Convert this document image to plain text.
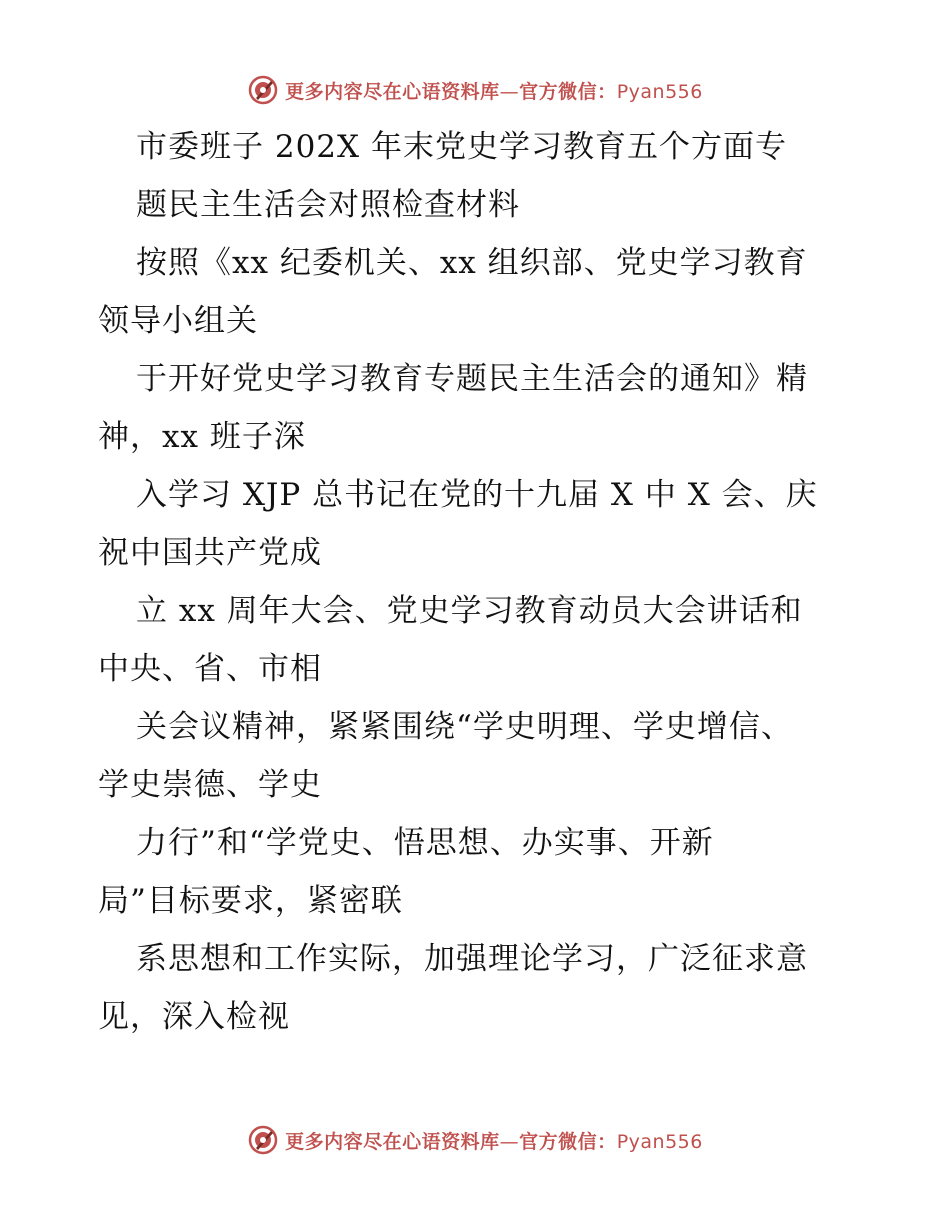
更多内容尽在心语资料库—官方微信：Pyan556
市委班子 202X 年末党史学习教育五个方面专
题民主生活会对照检查材料
按照《xx 纪委机关、xx 组织部、党史学习教育
领导小组关
于开好党史学习教育专题民主生活会的通知》精
神，xx 班子深
入学习 XJP 总书记在党的十九届 X 中 X 会、庆
祝中国共产党成
立 xx 周年大会、党史学习教育动员大会讲话和
中央、省、市相
关会议精神，紧紧围绕“学史明理、学史增信、
学史崇德、学史
力行”和“学党史、悟思想、办实事、开新
局”目标要求，紧密联
系思想和工作实际，加强理论学习，广泛征求意
见，深入检视
更多内容尽在心语资料库—官方微信：Pyan556
